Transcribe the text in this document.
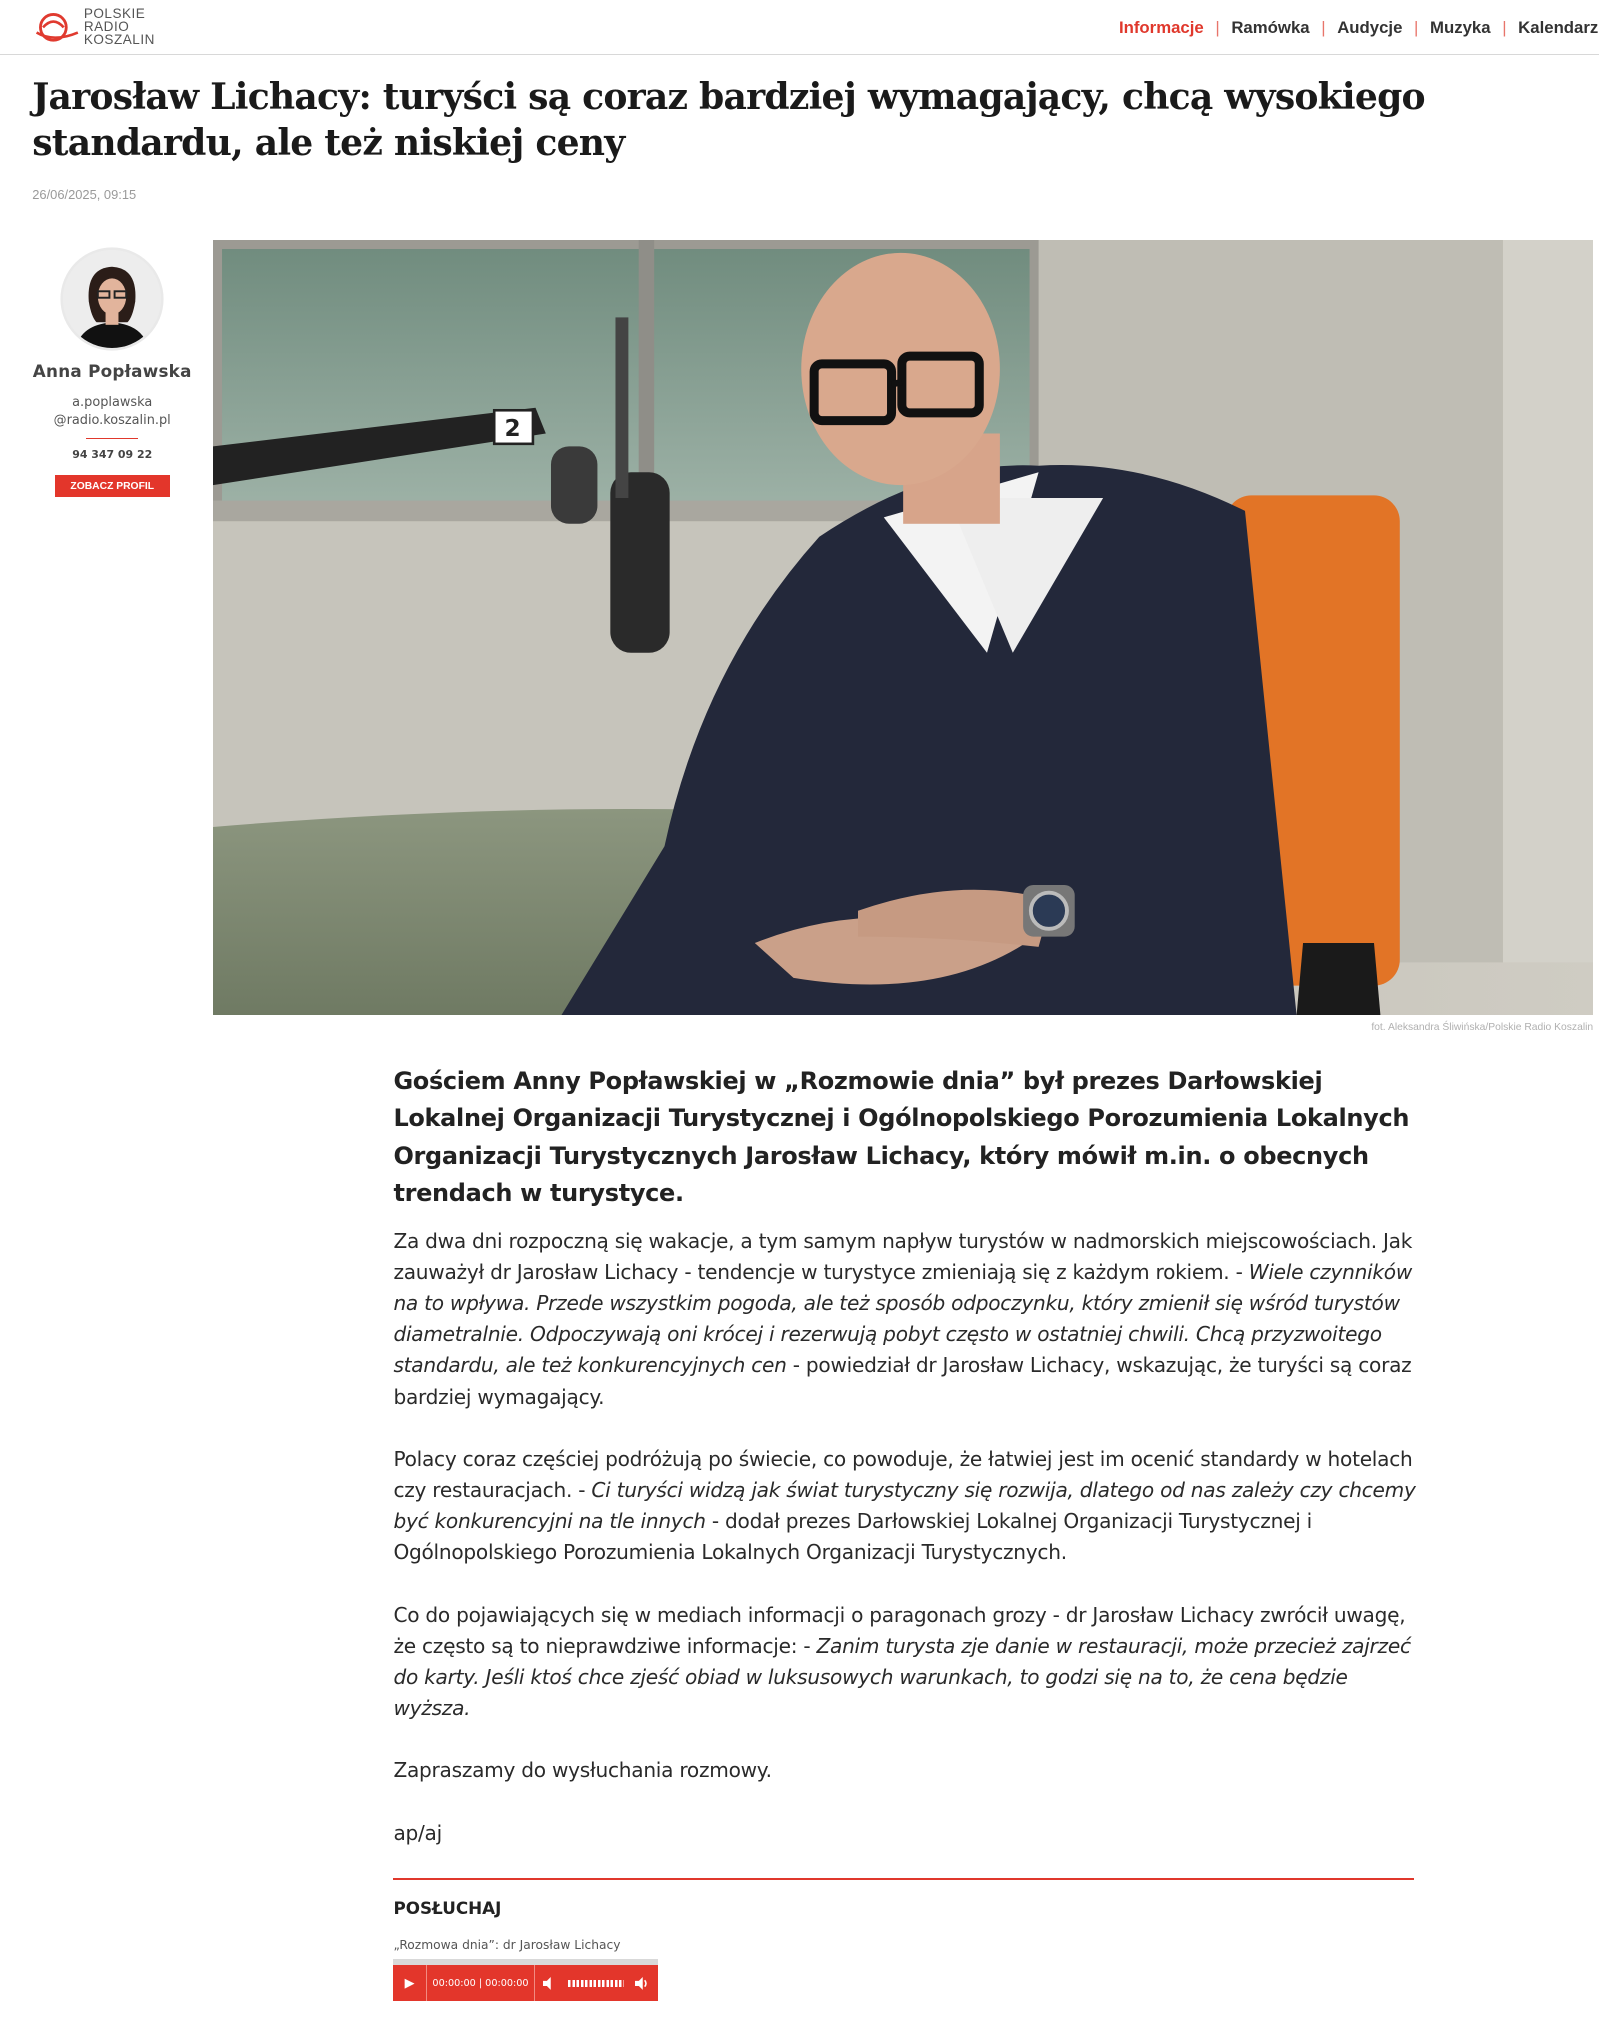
POLSKIE
RADIO
KOSZALIN
Informacje | Ramówka | Audycje | Muzyka | Kalendarz
Jarosław Lichacy: turyści są coraz bardziej wymagający, chcą wysokiego standardu, ale też niskiej ceny
26/06/2025, 09:15
Anna Popławska
a.poplawska
@radio.koszalin.pl
94 347 09 22
ZOBACZ PROFIL
2
fot. Aleksandra Śliwińska/Polskie Radio Koszalin

Gościem Anny Popławskiej w „Rozmowie dnia” był prezes Darłowskiej Lokalnej Organizacji Turystycznej i Ogólnopolskiego Porozumienia Lokalnych Organizacji Turystycznych Jarosław Lichacy, który mówił m.in. o obecnych trendach w turystyce.

Za dwa dni rozpoczną się wakacje, a tym samym napływ turystów w nadmorskich miejscowościach. Jak zauważył dr Jarosław Lichacy - tendencje w turystyce zmieniają się z każdym rokiem. - Wiele czynników na to wpływa. Przede wszystkim pogoda, ale też sposób odpoczynku, który zmienił się wśród turystów diametralnie. Odpoczywają oni krócej i rezerwują pobyt często w ostatniej chwili. Chcą przyzwoitego standardu, ale też konkurencyjnych cen - powiedział dr Jarosław Lichacy, wskazując, że turyści są coraz bardziej wymagający.

Polacy coraz częściej podróżują po świecie, co powoduje, że łatwiej jest im ocenić standardy w hotelach czy restauracjach. - Ci turyści widzą jak świat turystyczny się rozwija, dlatego od nas zależy czy chcemy być konkurencyjni na tle innych - dodał prezes Darłowskiej Lokalnej Organizacji Turystycznej i Ogólnopolskiego Porozumienia Lokalnych Organizacji Turystycznych.

Co do pojawiających się w mediach informacji o paragonach grozy - dr Jarosław Lichacy zwrócił uwagę, że często są to nieprawdziwe informacje: - Zanim turysta zje danie w restauracji, może przecież zajrzeć do karty. Jeśli ktoś chce zjeść obiad w luksusowych warunkach, to godzi się na to, że cena będzie wyższa.

Zapraszamy do wysłuchania rozmowy.

ap/aj

POSŁUCHAJ
„Rozmowa dnia”: dr Jarosław Lichacy
▶	00:00:00 | 00:00:00
